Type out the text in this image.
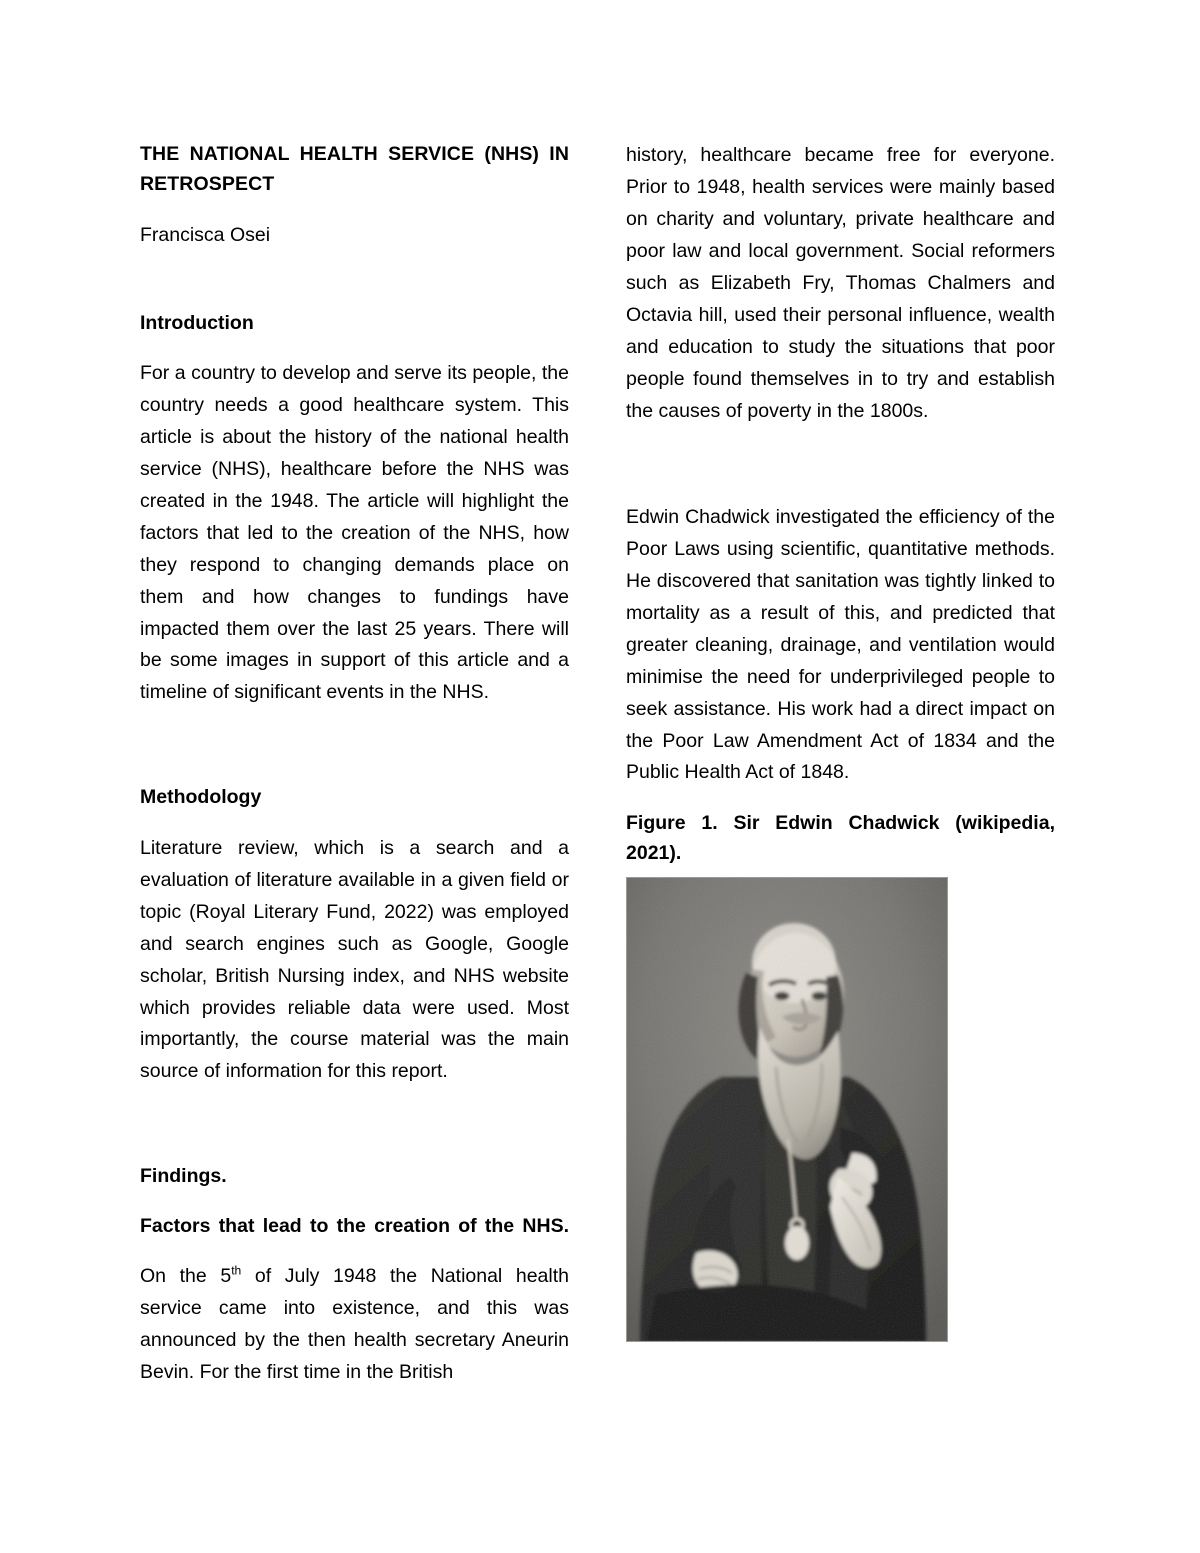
THE NATIONAL HEALTH SERVICE (NHS) IN RETROSPECT
Francisca Osei
Introduction

For a country to develop and serve its people, the country needs a good healthcare system. This article is about the history of the national health service (NHS), healthcare before the NHS was created in the 1948. The article will highlight the factors that led to the creation of the NHS, how they respond to changing demands place on them and how changes to fundings have impacted them over the last 25 years. There will be some images in support of this article and a timeline of significant events in the NHS.

Methodology

Literature review, which is a search and a evaluation of literature available in a given field or topic (Royal Literary Fund, 2022) was employed and search engines such as Google, Google scholar, British Nursing index, and NHS website which provides reliable data were used. Most importantly, the course material was the main source of information for this report.

Findings.
Factors that lead to the creation of the NHS.

On the 5th of July 1948 the National health service came into existence, and this was announced by the then health secretary Aneurin Bevin. For the first time in the British

history, healthcare became free for everyone. Prior to 1948, health services were mainly based on charity and voluntary, private healthcare and poor law and local government. Social reformers such as Elizabeth Fry, Thomas Chalmers and Octavia hill, used their personal influence, wealth and education to study the situations that poor people found themselves in to try and establish the causes of poverty in the 1800s.

Edwin Chadwick investigated the efficiency of the Poor Laws using scientific, quantitative methods. He discovered that sanitation was tightly linked to mortality as a result of this, and predicted that greater cleaning, drainage, and ventilation would minimise the need for underprivileged people to seek assistance. His work had a direct impact on the Poor Law Amendment Act of 1834 and the Public Health Act of 1848.

Figure 1. Sir Edwin Chadwick (wikipedia, 2021).
